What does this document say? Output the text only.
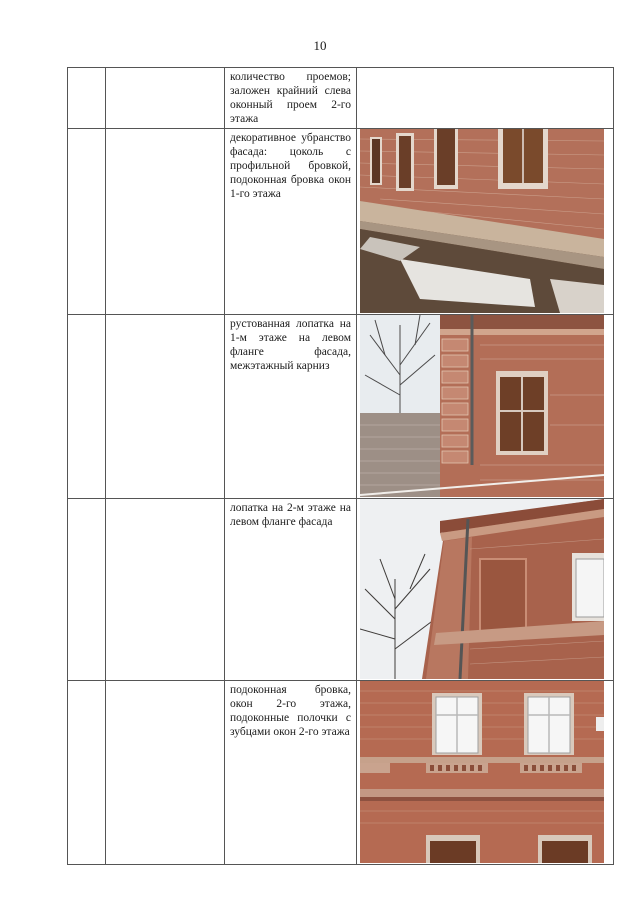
10

		количество проемов; заложен крайний слева оконный проем 2-го этажа	

		декоративное убранство фасада: цоколь с профильной бровкой, подоконная бровка окон 1-го этажа

		рустованная лопатка на 1-м этаже на левом фланге фасада, межэтажный карниз

		лопатка на 2-м этаже на левом фланге фасада

		подоконная бровка, окон 2-го этажа, подоконные полочки с зубцами окон 2-го этажа
